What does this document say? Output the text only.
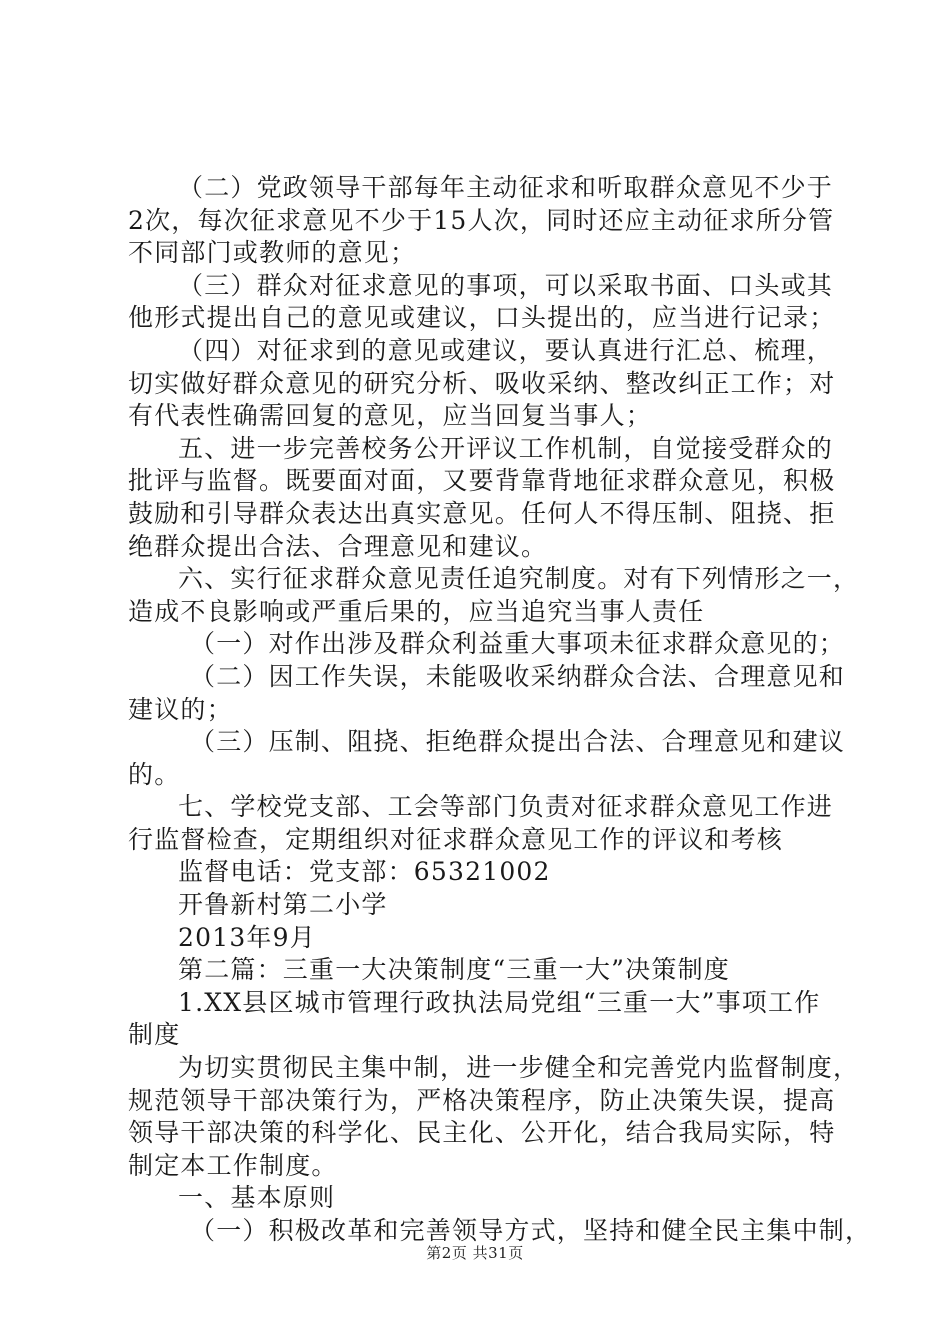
（二）党政领导干部每年主动征求和听取群众意见不少于
2次，每次征求意见不少于15人次，同时还应主动征求所分管
不同部门或教师的意见；
（三）群众对征求意见的事项，可以采取书面、口头或其
他形式提出自己的意见或建议，口头提出的，应当进行记录；
（四）对征求到的意见或建议，要认真进行汇总、梳理，
切实做好群众意见的研究分析、吸收采纳、整改纠正工作；对
有代表性确需回复的意见，应当回复当事人；
五、进一步完善校务公开评议工作机制，自觉接受群众的
批评与监督。既要面对面，又要背靠背地征求群众意见，积极
鼓励和引导群众表达出真实意见。任何人不得压制、阻挠、拒
绝群众提出合法、合理意见和建议。
六、实行征求群众意见责任追究制度。对有下列情形之一，
造成不良影响或严重后果的，应当追究当事人责任
（一）对作出涉及群众利益重大事项未征求群众意见的；
（二）因工作失误，未能吸收采纳群众合法、合理意见和
建议的；
（三）压制、阻挠、拒绝群众提出合法、合理意见和建议
的。
七、学校党支部、工会等部门负责对征求群众意见工作进
行监督检查，定期组织对征求群众意见工作的评议和考核
监督电话：党支部：65321002
开鲁新村第二小学
2013年9月
第二篇：三重一大决策制度“三重一大”决策制度
1.XX县区城市管理行政执法局党组“三重一大”事项工作
制度
为切实贯彻民主集中制，进一步健全和完善党内监督制度，
规范领导干部决策行为，严格决策程序，防止决策失误，提高
领导干部决策的科学化、民主化、公开化，结合我局实际，特
制定本工作制度。
一、基本原则
（一）积极改革和完善领导方式，坚持和健全民主集中制，
第2页 共31页
